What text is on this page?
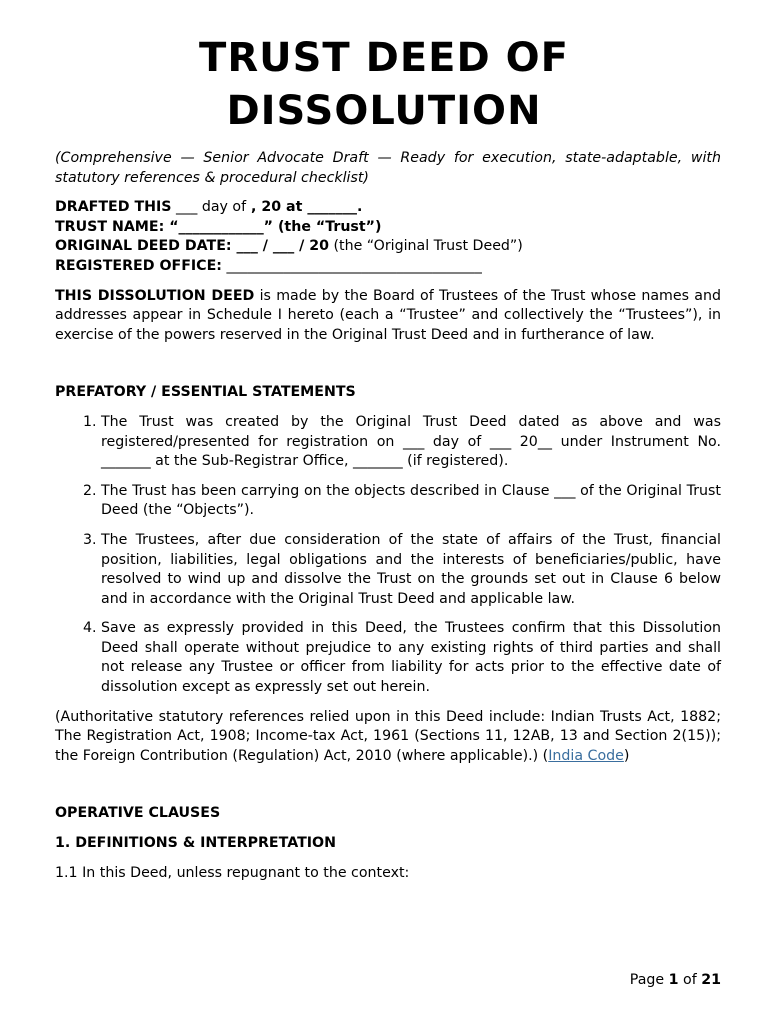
TRUST DEED OF
DISSOLUTION

(Comprehensive — Senior Advocate Draft — Ready for execution, state-adaptable, with statutory references & procedural checklist)

DRAFTED THIS ___ day of , 20 at _______.

TRUST NAME: “____________” (the “Trust”)

ORIGINAL DEED DATE: ___ / ___ / 20 (the “Original Trust Deed”)

REGISTERED OFFICE: ____________________________________

THIS DISSOLUTION DEED is made by the Board of Trustees of the Trust whose names and addresses appear in Schedule I hereto (each a “Trustee” and collectively the “Trustees”), in exercise of the powers reserved in the Original Trust Deed and in furtherance of law.

PREFATORY / ESSENTIAL STATEMENTS

1. The Trust was created by the Original Trust Deed dated as above and was registered/presented for registration on ___ day of ___ 20__ under Instrument No. _______ at the Sub-Registrar Office, _______ (if registered).
2. The Trust has been carrying on the objects described in Clause ___ of the Original Trust Deed (the “Objects”).
3. The Trustees, after due consideration of the state of affairs of the Trust, financial position, liabilities, legal obligations and the interests of beneficiaries/public, have resolved to wind up and dissolve the Trust on the grounds set out in Clause 6 below and in accordance with the Original Trust Deed and applicable law.
4. Save as expressly provided in this Deed, the Trustees confirm that this Dissolution Deed shall operate without prejudice to any existing rights of third parties and shall not release any Trustee or officer from liability for acts prior to the effective date of dissolution except as expressly set out herein.

(Authoritative statutory references relied upon in this Deed include: Indian Trusts Act, 1882; The Registration Act, 1908; Income-tax Act, 1961 (Sections 11, 12AB, 13 and Section 2(15)); the Foreign Contribution (Regulation) Act, 2010 (where applicable).) (India Code)

OPERATIVE CLAUSES

1. DEFINITIONS & INTERPRETATION

1.1 In this Deed, unless repugnant to the context:

Page 1 of 21
